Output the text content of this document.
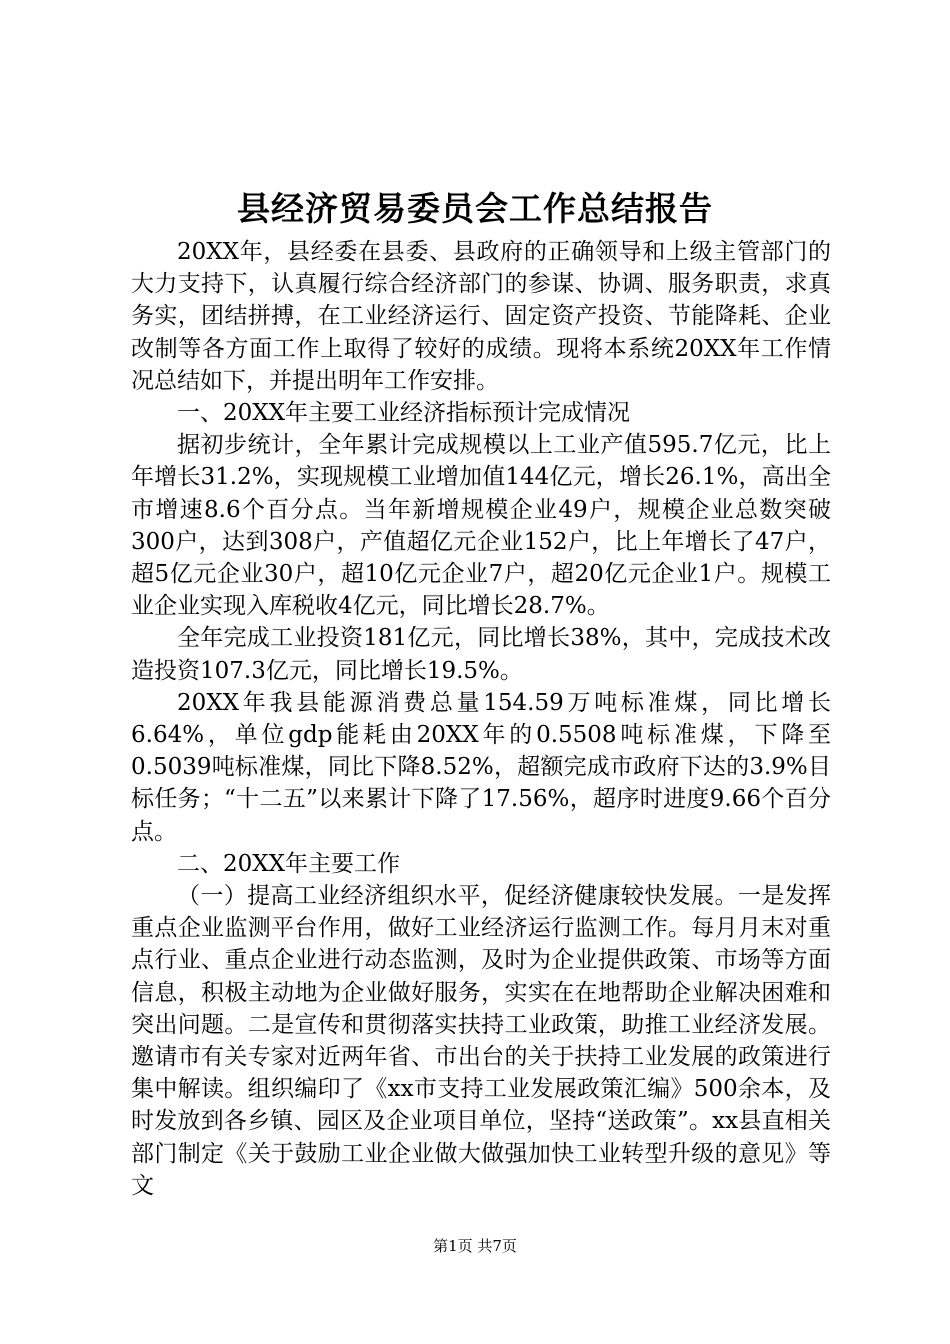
县经济贸易委员会工作总结报告

20XX年，县经委在县委、县政府的正确领导和上级主管部门的大力支持下，认真履行综合经济部门的参谋、协调、服务职责，求真务实，团结拼搏，在工业经济运行、固定资产投资、节能降耗、企业改制等各方面工作上取得了较好的成绩。现将本系统20XX年工作情况总结如下，并提出明年工作安排。

一、20XX年主要工业经济指标预计完成情况

据初步统计，全年累计完成规模以上工业产值595.7亿元，比上年增长31.2%，实现规模工业增加值144亿元，增长26.1%，高出全市增速8.6个百分点。当年新增规模企业49户，规模企业总数突破300户，达到308户，产值超亿元企业152户，比上年增长了47户，超5亿元企业30户，超10亿元企业7户，超20亿元企业1户。规模工业企业实现入库税收4亿元，同比增长28.7%。

全年完成工业投资181亿元，同比增长38%，其中，完成技术改造投资107.3亿元，同比增长19.5%。

20XX年我县能源消费总量154.59万吨标准煤，同比增长6.64%，单位gdp能耗由20XX年的0.5508吨标准煤，下降至0.5039吨标准煤，同比下降8.52%，超额完成市政府下达的3.9%目标任务；“十二五”以来累计下降了17.56%，超序时进度9.66个百分点。

二、20XX年主要工作

（一）提高工业经济组织水平，促经济健康较快发展。一是发挥重点企业监测平台作用，做好工业经济运行监测工作。每月月末对重点行业、重点企业进行动态监测，及时为企业提供政策、市场等方面信息，积极主动地为企业做好服务，实实在在地帮助企业解决困难和突出问题。二是宣传和贯彻落实扶持工业政策，助推工业经济发展。邀请市有关专家对近两年省、市出台的关于扶持工业发展的政策进行集中解读。组织编印了《xx市支持工业发展政策汇编》500余本，及时发放到各乡镇、园区及企业项目单位，坚持“送政策”。xx县直相关部门制定《关于鼓励工业企业做大做强加快工业转型升级的意见》等文

第1页 共7页
